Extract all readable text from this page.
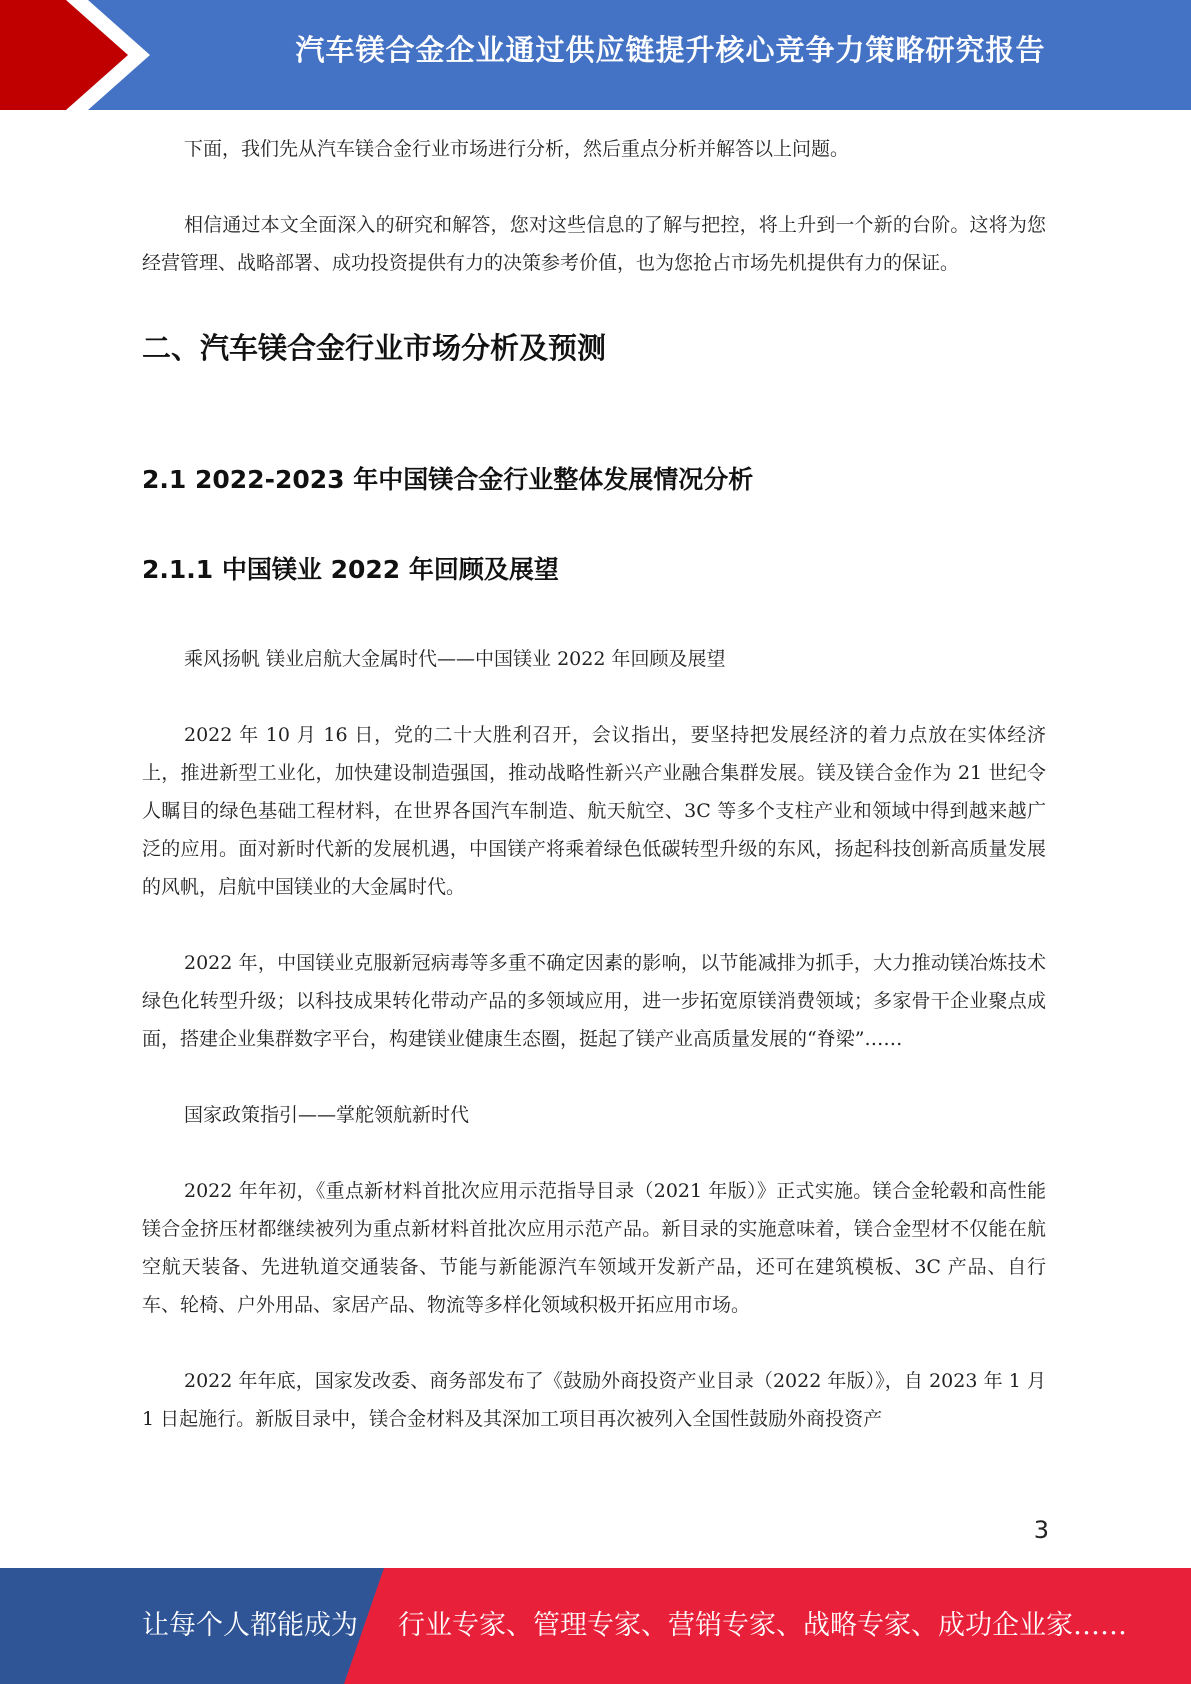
汽车镁合金企业通过供应链提升核心竞争力策略研究报告

下面，我们先从汽车镁合金行业市场进行分析，然后重点分析并解答以上问题。

相信通过本文全面深入的研究和解答，您对这些信息的了解与把控，将上升到一个新的台阶。这将为您经营管理、战略部署、成功投资提供有力的决策参考价值，也为您抢占市场先机提供有力的保证。

二、汽车镁合金行业市场分析及预测
2.1 2022-2023 年中国镁合金行业整体发展情况分析
2.1.1 中国镁业 2022 年回顾及展望

乘风扬帆 镁业启航大金属时代——中国镁业 2022 年回顾及展望

2022 年 10 月 16 日，党的二十大胜利召开，会议指出，要坚持把发展经济的着力点放在实体经济上，推进新型工业化，加快建设制造强国，推动战略性新兴产业融合集群发展。镁及镁合金作为 21 世纪令人瞩目的绿色基础工程材料，在世界各国汽车制造、航天航空、3C 等多个支柱产业和领域中得到越来越广泛的应用。面对新时代新的发展机遇，中国镁产将乘着绿色低碳转型升级的东风，扬起科技创新高质量发展的风帆，启航中国镁业的大金属时代。

2022 年，中国镁业克服新冠病毒等多重不确定因素的影响，以节能减排为抓手，大力推动镁冶炼技术绿色化转型升级；以科技成果转化带动产品的多领域应用，进一步拓宽原镁消费领域；多家骨干企业聚点成面，搭建企业集群数字平台，构建镁业健康生态圈，挺起了镁产业高质量发展的“脊梁”……

国家政策指引——掌舵领航新时代

2022 年年初，《重点新材料首批次应用示范指导目录（2021 年版）》正式实施。镁合金轮毂和高性能镁合金挤压材都继续被列为重点新材料首批次应用示范产品。新目录的实施意味着，镁合金型材不仅能在航空航天装备、先进轨道交通装备、节能与新能源汽车领域开发新产品，还可在建筑模板、3C 产品、自行车、轮椅、户外用品、家居产品、物流等多样化领域积极开拓应用市场。

2022 年年底，国家发改委、商务部发布了《鼓励外商投资产业目录（2022 年版）》，自 2023 年 1 月 1 日起施行。新版目录中，镁合金材料及其深加工项目再次被列入全国性鼓励外商投资产

3
让每个人都能成为 行业专家、管理专家、营销专家、战略专家、成功企业家……
